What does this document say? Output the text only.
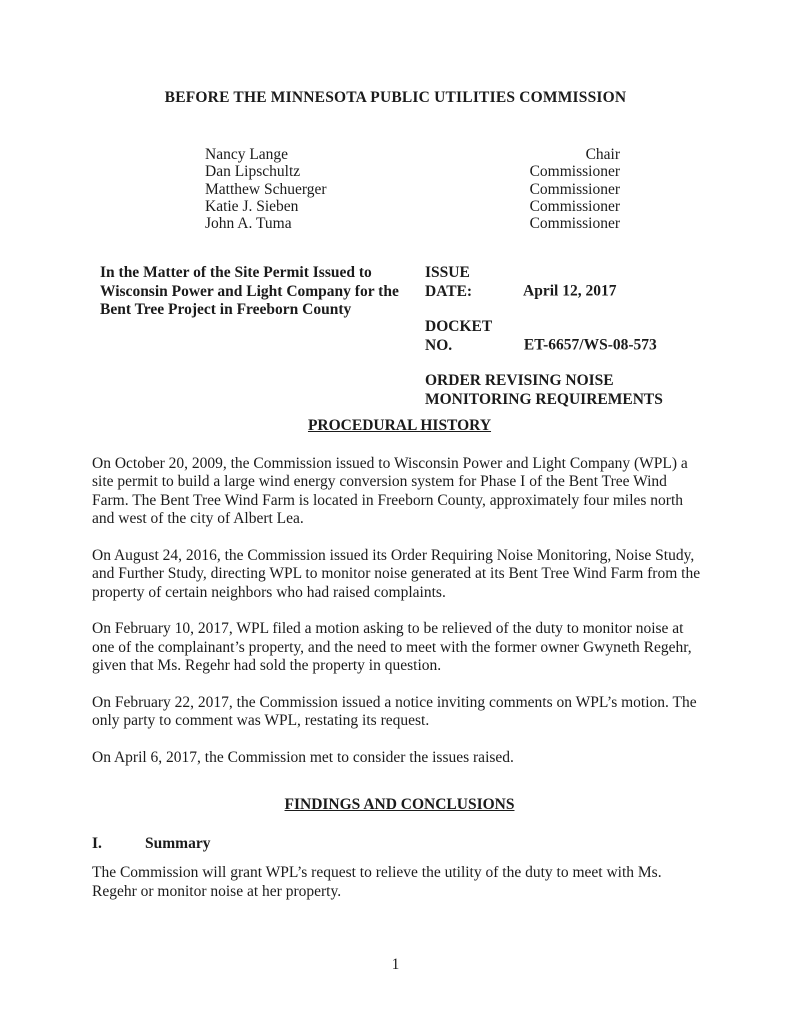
BEFORE THE MINNESOTA PUBLIC UTILITIES COMMISSION
Nancy Lange	Chair
Dan Lipschultz	Commissioner
Matthew Schuerger	Commissioner
Katie J. Sieben	Commissioner
John A. Tuma	Commissioner
In the Matter of the Site Permit Issued to
Wisconsin Power and Light Company for the
Bent Tree Project in Freeborn County
ISSUE DATE:	April 12, 2017
DOCKET NO.	ET-6657/WS-08-573
ORDER REVISING NOISE
MONITORING REQUIREMENTS
PROCEDURAL HISTORY

On October 20, 2009, the Commission issued to Wisconsin Power and Light Company (WPL) a site permit to build a large wind energy conversion system for Phase I of the Bent Tree Wind Farm. The Bent Tree Wind Farm is located in Freeborn County, approximately four miles north and west of the city of Albert Lea.

On August 24, 2016, the Commission issued its Order Requiring Noise Monitoring, Noise Study, and Further Study, directing WPL to monitor noise generated at its Bent Tree Wind Farm from the property of certain neighbors who had raised complaints.

On February 10, 2017, WPL filed a motion asking to be relieved of the duty to monitor noise at one of the complainant’s property, and the need to meet with the former owner Gwyneth Regehr, given that Ms. Regehr had sold the property in question.

On February 22, 2017, the Commission issued a notice inviting comments on WPL’s motion. The only party to comment was WPL, restating its request.

On April 6, 2017, the Commission met to consider the issues raised.

FINDINGS AND CONCLUSIONS
I.	Summary

The Commission will grant WPL’s request to relieve the utility of the duty to meet with Ms. Regehr or monitor noise at her property.

1
